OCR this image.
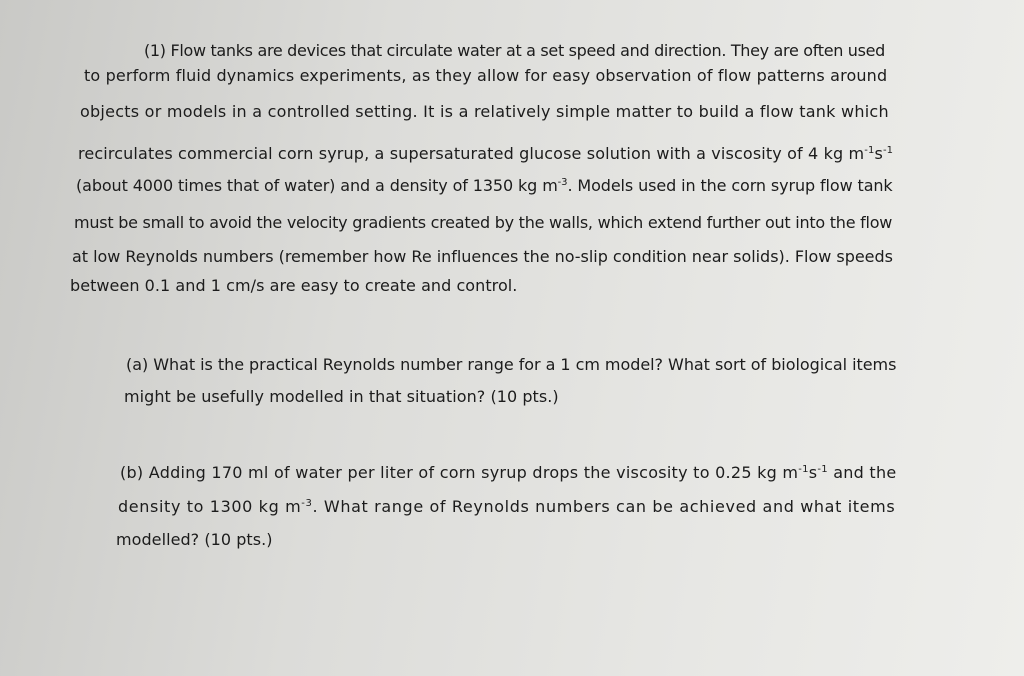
(1) Flow tanks are devices that circulate water at a set speed and direction. They are often used
to perform fluid dynamics experiments, as they allow for easy observation of flow patterns around
objects or models in a controlled setting. It is a relatively simple matter to build a flow tank which
recirculates commercial corn syrup, a supersaturated glucose solution with a viscosity of 4 kg $m^{-1}s^{-1}$
(about 4000 times that of water) and a density of 1350 kg $m^{-3}$. Models used in the corn syrup flow tank
must be small to avoid the velocity gradients created by the walls, which extend further out into the flow
at low Reynolds numbers (remember how Re influences the no-slip condition near solids). Flow speeds
between 0.1 and 1 cm/s are easy to create and control.
(a) What is the practical Reynolds number range for a 1 cm model? What sort of biological items
might be usefully modelled in that situation? (10 pts.)
(b) Adding 170 ml of water per liter of corn syrup drops the viscosity to 0.25 kg $m^{-1}s^{-1}$ and the
density to 1300 kg $m^{-3}$. What range of Reynolds numbers can be achieved and what items
modelled? (10 pts.)
